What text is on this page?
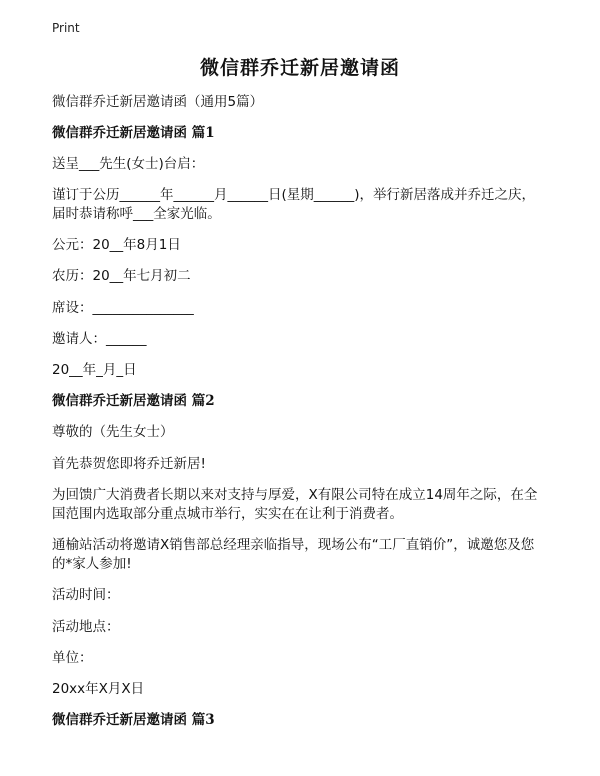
Print
微信群乔迁新居邀请函
微信群乔迁新居邀请函（通用5篇）
微信群乔迁新居邀请函 篇1
送呈___先生(女士)台启：
谨订于公历______年______月______日(星期______)，举行新居落成并乔迁之庆，
届时恭请称呼___全家光临。
公元：20__年8月1日
农历：20__年七月初二
席设：_______________
邀请人：______
20__年_月_日
微信群乔迁新居邀请函 篇2
尊敬的（先生女士）
首先恭贺您即将乔迁新居!
为回馈广大消费者长期以来对支持与厚爱，X有限公司特在成立14周年之际，在全
国范围内选取部分重点城市举行，实实在在让利于消费者。
通榆站活动将邀请X销售部总经理亲临指导，现场公布“工厂直销价”，诚邀您及您
的*家人参加!
活动时间：
活动地点：
单位：
20xx年X月X日
微信群乔迁新居邀请函 篇3
